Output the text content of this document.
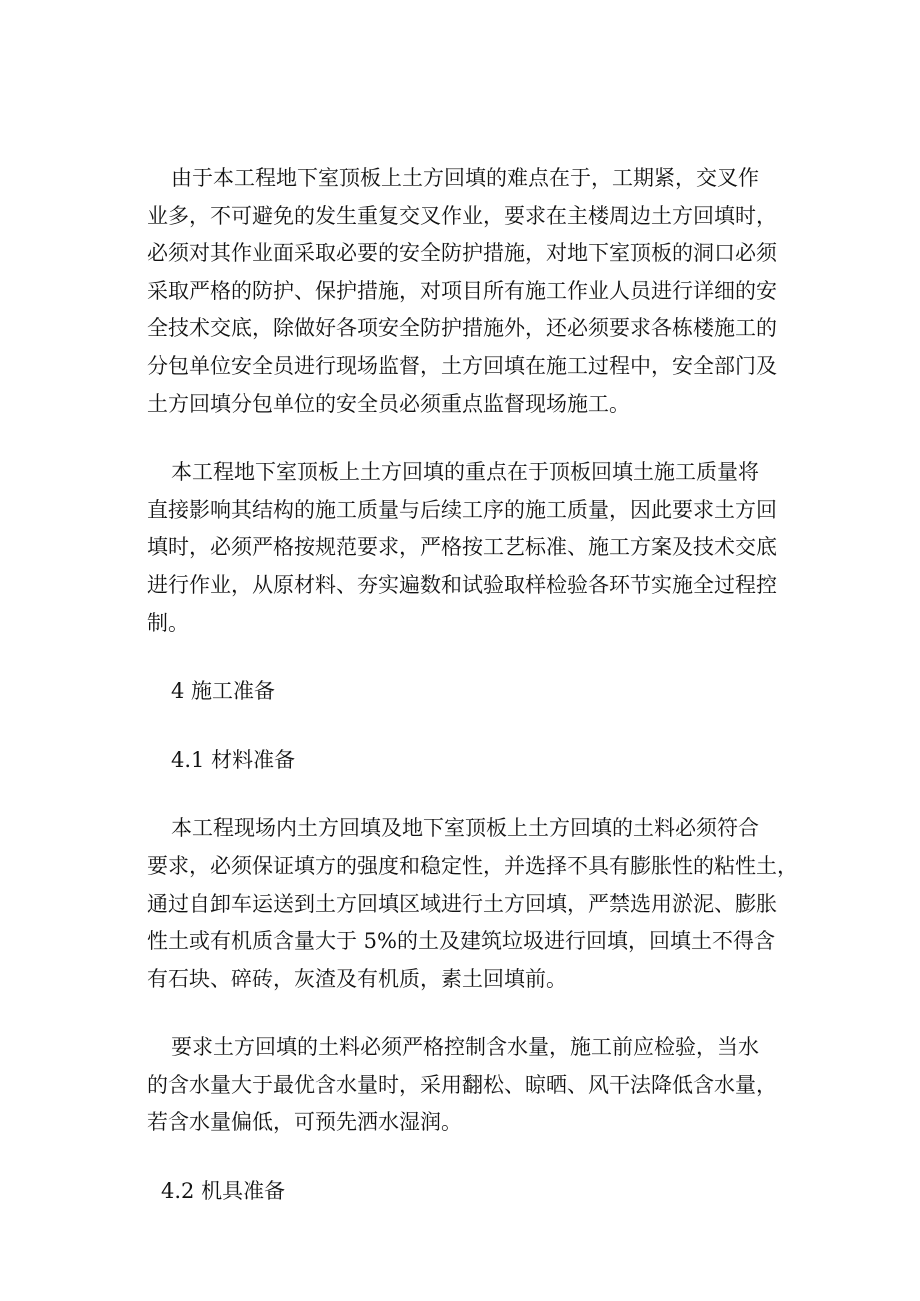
由于本工程地下室顶板上土方回填的难点在于，工期紧，交叉作
业多，不可避免的发生重复交叉作业，要求在主楼周边土方回填时，
必须对其作业面采取必要的安全防护措施，对地下室顶板的洞口必须
采取严格的防护、保护措施，对项目所有施工作业人员进行详细的安
全技术交底，除做好各项安全防护措施外，还必须要求各栋楼施工的
分包单位安全员进行现场监督，土方回填在施工过程中，安全部门及
土方回填分包单位的安全员必须重点监督现场施工。
本工程地下室顶板上土方回填的重点在于顶板回填土施工质量将
直接影响其结构的施工质量与后续工序的施工质量，因此要求土方回
填时，必须严格按规范要求，严格按工艺标准、施工方案及技术交底
进行作业，从原材料、夯实遍数和试验取样检验各环节实施全过程控
制。
4 施工准备
4.1 材料准备
本工程现场内土方回填及地下室顶板上土方回填的土料必须符合
要求，必须保证填方的强度和稳定性，并选择不具有膨胀性的粘性土，
通过自卸车运送到土方回填区域进行土方回填，严禁选用淤泥、膨胀
性土或有机质含量大于 5%的土及建筑垃圾进行回填，回填土不得含
有石块、碎砖，灰渣及有机质，素土回填前。
要求土方回填的土料必须严格控制含水量，施工前应检验，当水
的含水量大于最优含水量时，采用翻松、晾晒、风干法降低含水量，
若含水量偏低，可预先洒水湿润。
4.2 机具准备
